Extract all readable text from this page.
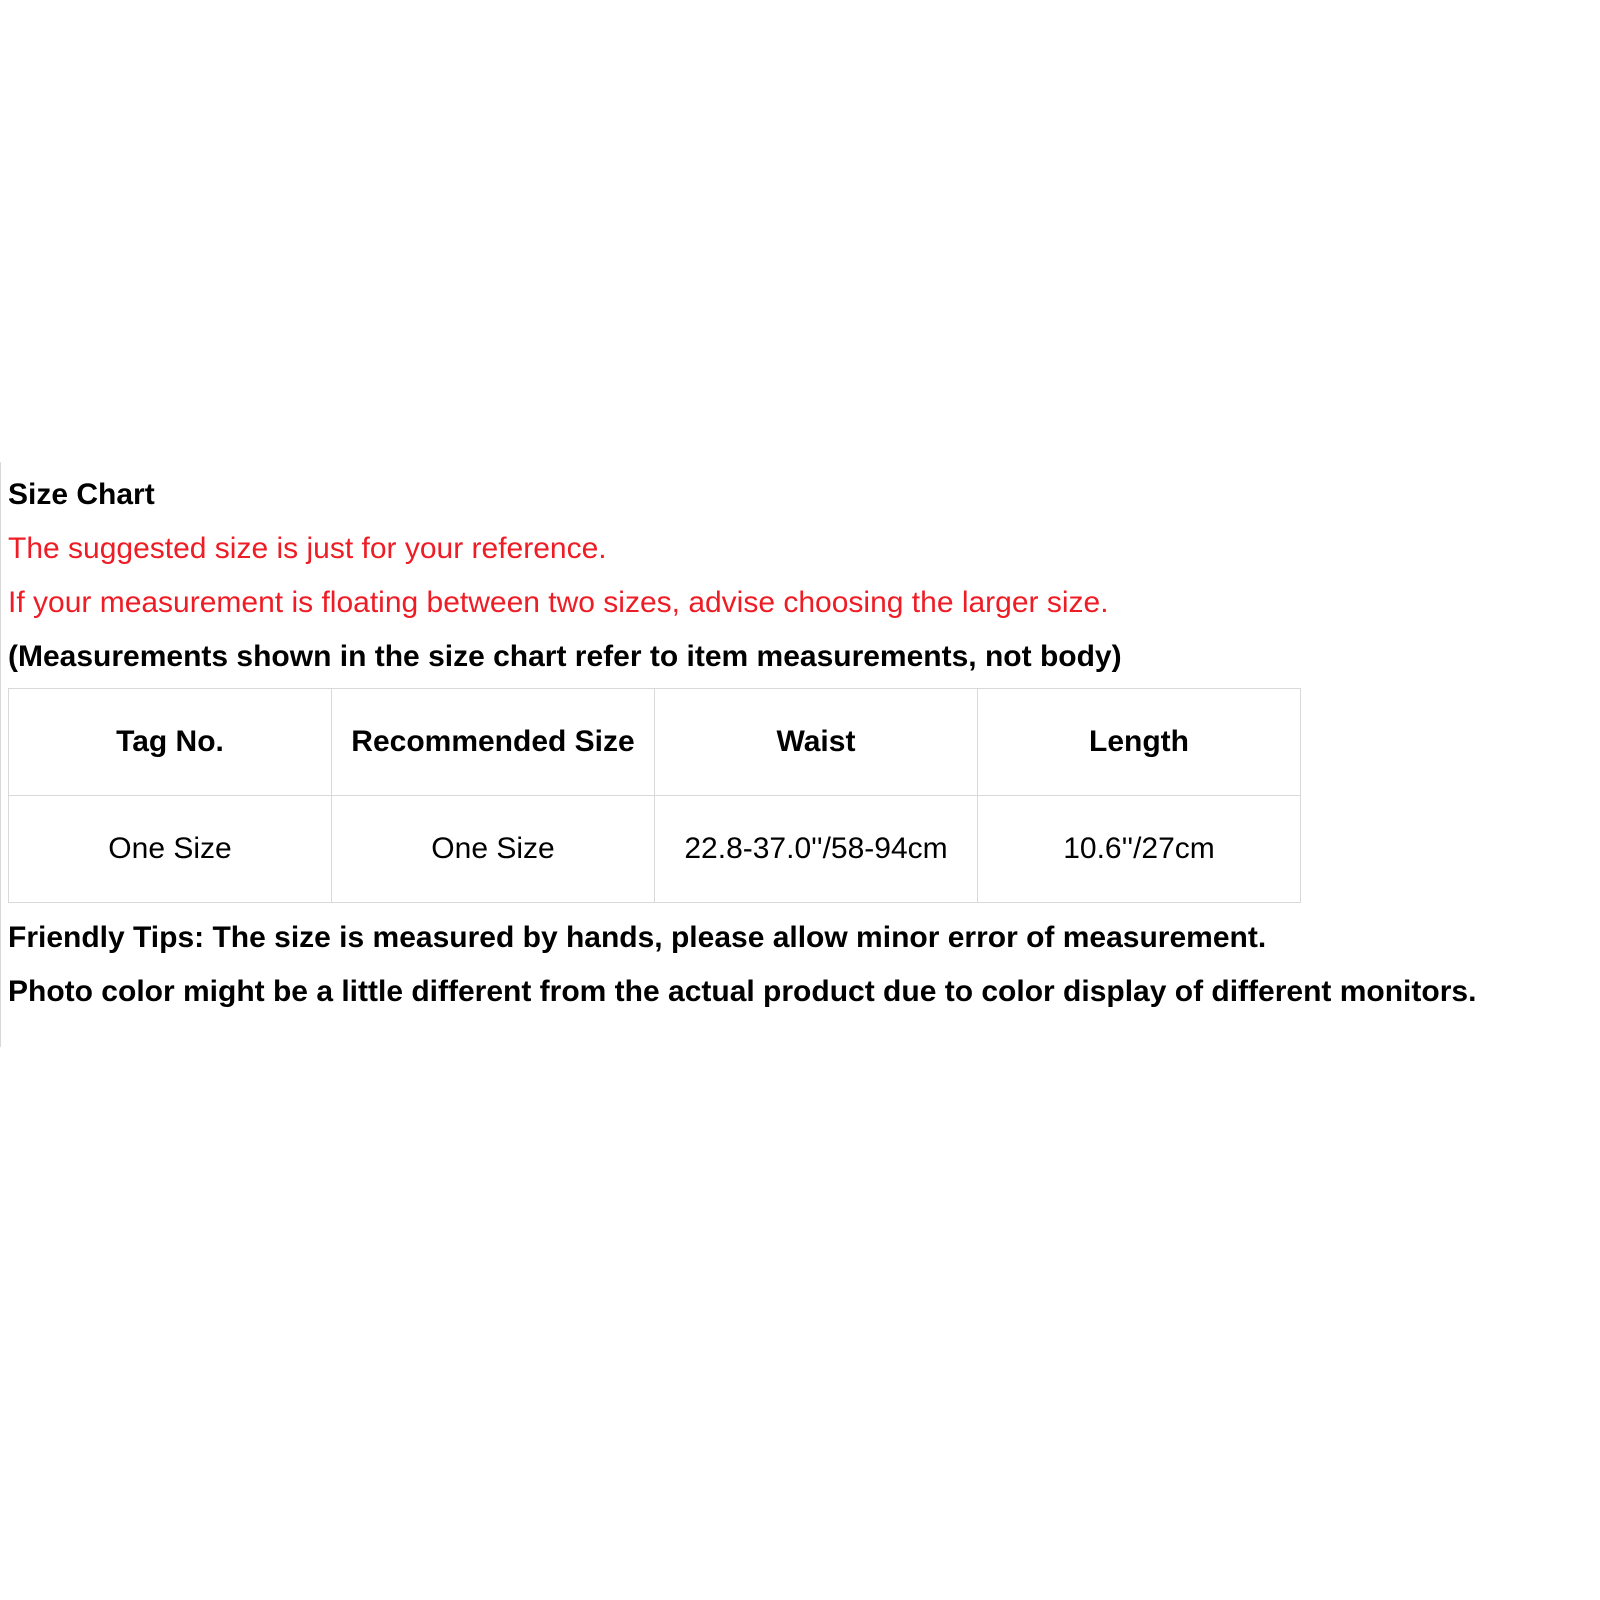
Size Chart
The suggested size is just for your reference.
If your measurement is floating between two sizes, advise choosing the larger size.
(Measurements shown in the size chart refer to item measurements, not body)
Tag No.	Recommended Size	Waist	Length
One Size	One Size	22.8-37.0''/58-94cm	10.6''/27cm
Friendly Tips: The size is measured by hands, please allow minor error of measurement.
Photo color might be a little different from the actual product due to color display of different monitors.
